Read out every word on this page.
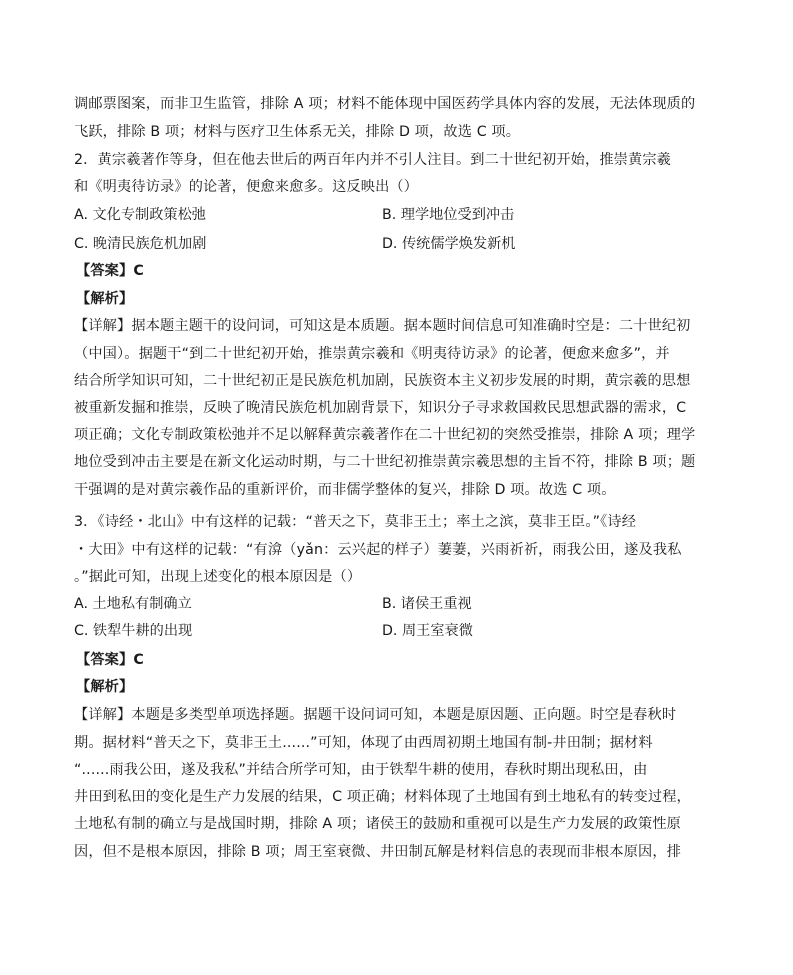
调邮票图案，而非卫生监管，排除 A 项；材料不能体现中国医药学具体内容的发展，无法体现质的
飞跃，排除 B 项；材料与医疗卫生体系无关，排除 D 项，故选 C 项。
2．黄宗羲著作等身，但在他去世后的两百年内并不引人注目。到二十世纪初开始，推崇黄宗羲
和《明夷待访录》的论著，便愈来愈多。这反映出（）
A. 文化专制政策松弛	B. 理学地位受到冲击
C. 晚清民族危机加剧	D. 传统儒学焕发新机
【答案】C
【解析】
【详解】据本题主题干的设问词，可知这是本质题。据本题时间信息可知准确时空是：二十世纪初
（中国）。据题干“到二十世纪初开始，推崇黄宗羲和《明夷待访录》的论著，便愈来愈多”，并
结合所学知识可知，二十世纪初正是民族危机加剧，民族资本主义初步发展的时期，黄宗羲的思想
被重新发掘和推崇，反映了晚清民族危机加剧背景下，知识分子寻求救国救民思想武器的需求，C
项正确；文化专制政策松弛并不足以解释黄宗羲著作在二十世纪初的突然受推崇，排除 A 项；理学
地位受到冲击主要是在新文化运动时期，与二十世纪初推崇黄宗羲思想的主旨不符，排除 B 项；题
干强调的是对黄宗羲作品的重新评价，而非儒学整体的复兴，排除 D 项。故选 C 项。
3．《诗经・北山》中有这样的记载：“普天之下，莫非王土；率土之滨，莫非王臣。”《诗经
・大田》中有这样的记载：“有渰（yǎn：云兴起的样子）萋萋，兴雨祈祈，雨我公田，遂及我私
。”据此可知，出现上述变化的根本原因是（）
A. 土地私有制确立	B. 诸侯王重视
C. 铁犁牛耕的出现	D. 周王室衰微
【答案】C
【解析】
【详解】本题是多类型单项选择题。据题干设问词可知，本题是原因题、正向题。时空是春秋时
期。据材料“普天之下，莫非王土......”可知，体现了由西周初期土地国有制-井田制；据材料
“......雨我公田，遂及我私”并结合所学可知，由于铁犁牛耕的使用，春秋时期出现私田，由
井田到私田的变化是生产力发展的结果，C 项正确；材料体现了土地国有到土地私有的转变过程，
土地私有制的确立与是战国时期，排除 A 项；诸侯王的鼓励和重视可以是生产力发展的政策性原
因，但不是根本原因，排除 B 项；周王室衰微、井田制瓦解是材料信息的表现而非根本原因，排
